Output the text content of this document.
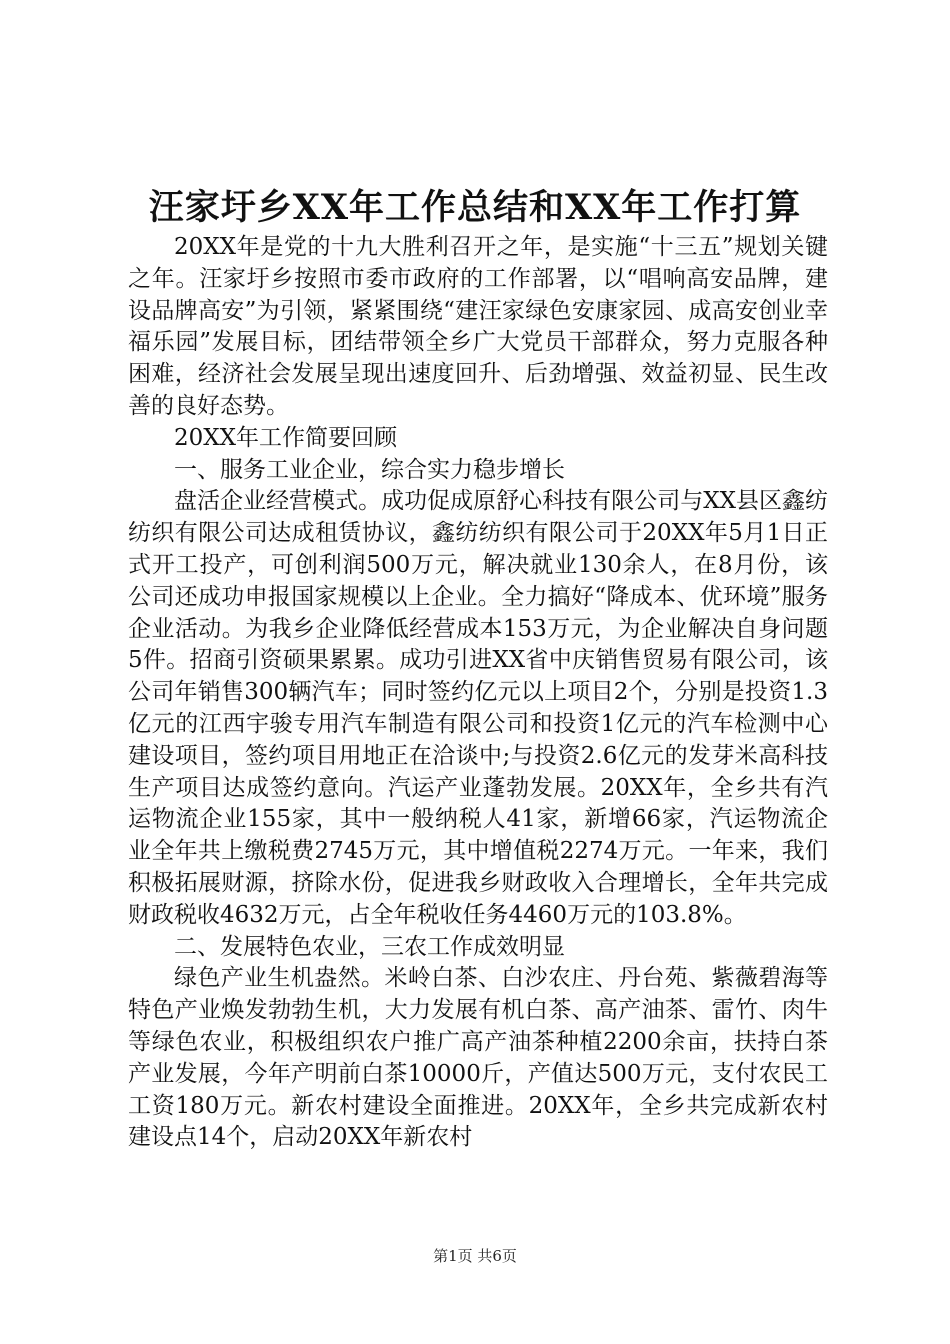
汪家圩乡XX年工作总结和XX年工作打算

20XX年是党的十九大胜利召开之年，是实施“十三五”规划关键之年。汪家圩乡按照市委市政府的工作部署，以“唱响高安品牌，建设品牌高安”为引领，紧紧围绕“建汪家绿色安康家园、成高安创业幸福乐园”发展目标，团结带领全乡广大党员干部群众，努力克服各种困难，经济社会发展呈现出速度回升、后劲增强、效益初显、民生改善的良好态势。

20XX年工作简要回顾

一、服务工业企业，综合实力稳步增长

盘活企业经营模式。成功促成原舒心科技有限公司与XX县区鑫纺纺织有限公司达成租赁协议，鑫纺纺织有限公司于20XX年5月1日正式开工投产，可创利润500万元，解决就业130余人，在8月份，该公司还成功申报国家规模以上企业。全力搞好“降成本、优环境”服务企业活动。为我乡企业降低经营成本153万元，为企业解决自身问题5件。招商引资硕果累累。成功引进XX省中庆销售贸易有限公司，该公司年销售300辆汽车；同时签约亿元以上项目2个，分别是投资1.3亿元的江西宇骏专用汽车制造有限公司和投资1亿元的汽车检测中心建设项目，签约项目用地正在洽谈中;与投资2.6亿元的发芽米高科技生产项目达成签约意向。汽运产业蓬勃发展。20XX年，全乡共有汽运物流企业155家，其中一般纳税人41家，新增66家，汽运物流企业全年共上缴税费2745万元，其中增值税2274万元。一年来，我们积极拓展财源，挤除水份，促进我乡财政收入合理增长，全年共完成财政税收4632万元，占全年税收任务4460万元的103.8%。

二、发展特色农业，三农工作成效明显

绿色产业生机盎然。米岭白茶、白沙农庄、丹台苑、紫薇碧海等特色产业焕发勃勃生机，大力发展有机白茶、高产油茶、雷竹、肉牛等绿色农业，积极组织农户推广高产油茶种植2200余亩，扶持白茶产业发展，今年产明前白茶10000斤，产值达500万元，支付农民工工资180万元。新农村建设全面推进。20XX年，全乡共完成新农村建设点14个，启动20XX年新农村

第1页 共6页
